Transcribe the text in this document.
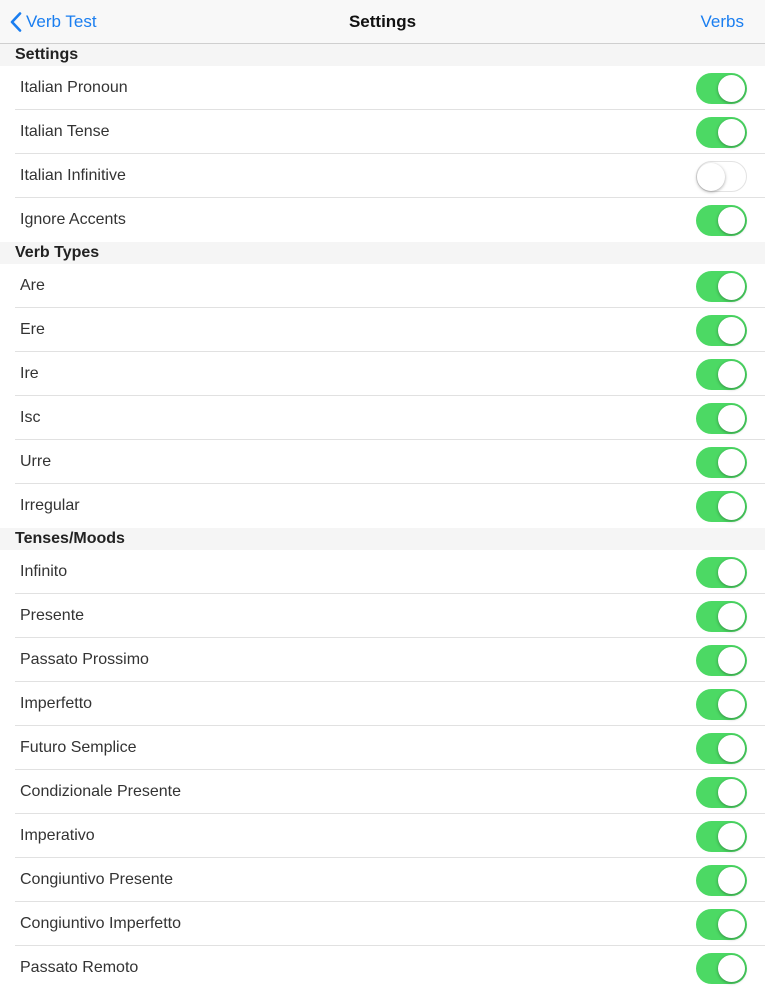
Verb Test	Settings	Verbs
Settings
Italian Pronoun
Italian Tense
Italian Infinitive
Ignore Accents
Verb Types
Are
Ere
Ire
Isc
Urre
Irregular
Tenses/Moods
Infinito
Presente
Passato Prossimo
Imperfetto
Futuro Semplice
Condizionale Presente
Imperativo
Congiuntivo Presente
Congiuntivo Imperfetto
Passato Remoto
